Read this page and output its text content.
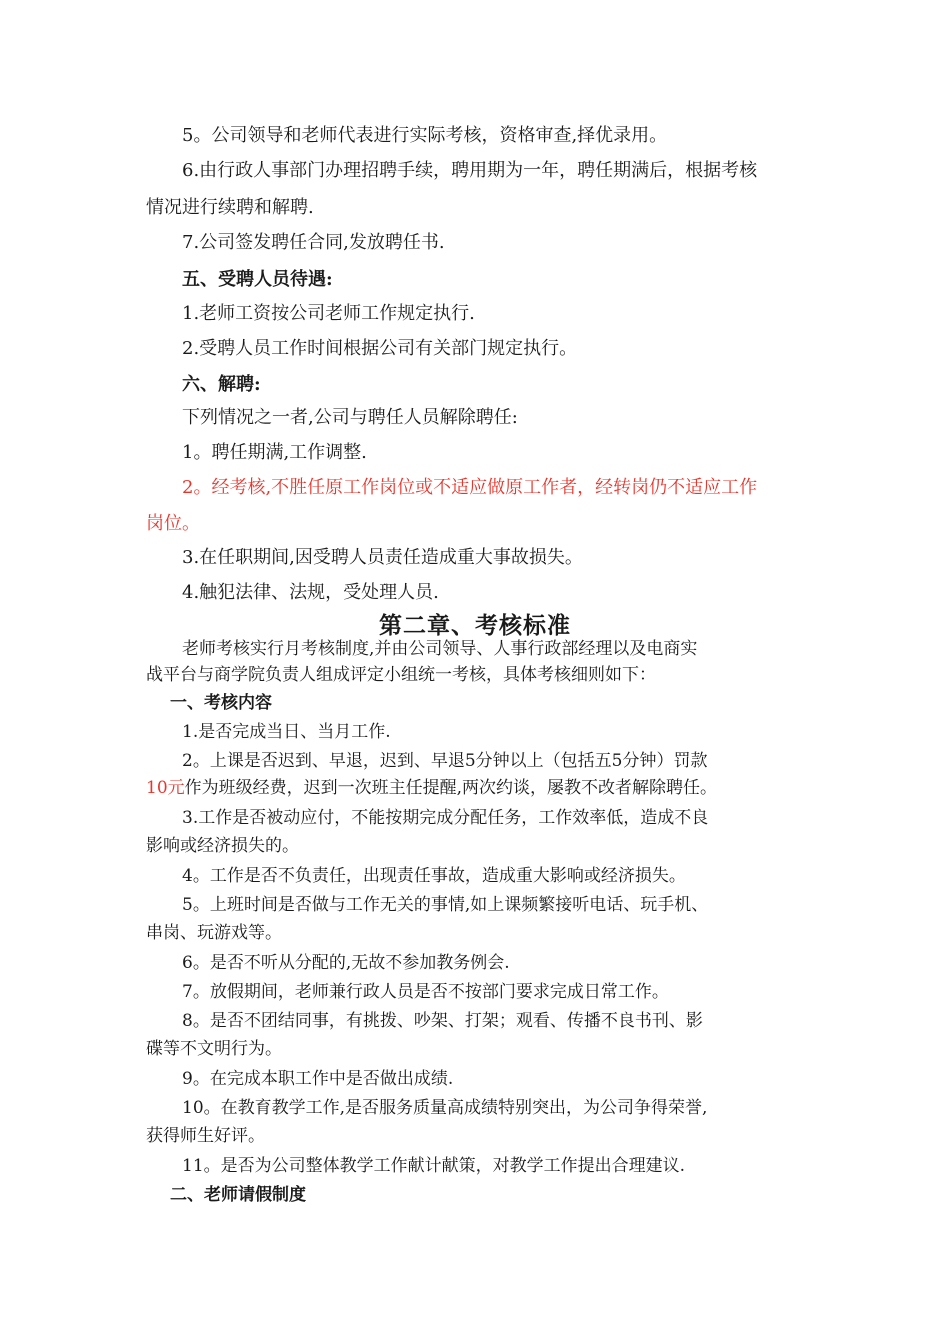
5。公司领导和老师代表进行实际考核，资格审查,择优录用。

6.由行政人事部门办理招聘手续，聘用期为一年，聘任期满后，根据考核

情况进行续聘和解聘.

7.公司签发聘任合同,发放聘任书.

五、受聘人员待遇:

1.老师工资按公司老师工作规定执行.

2.受聘人员工作时间根据公司有关部门规定执行。

六、解聘:

下列情况之一者,公司与聘任人员解除聘任:

1。聘任期满,工作调整.

2。经考核,不胜任原工作岗位或不适应做原工作者，经转岗仍不适应工作

岗位。

3.在任职期间,因受聘人员责任造成重大事故损失。

4.触犯法律、法规，受处理人员.

第二章、考核标准

老师考核实行月考核制度,并由公司领导、人事行政部经理以及电商实

战平台与商学院负责人组成评定小组统一考核，具体考核细则如下：

一、考核内容

1.是否完成当日、当月工作.

2。上课是否迟到、早退，迟到、早退5分钟以上（包括五5分钟）罚款

10元作为班级经费，迟到一次班主任提醒,两次约谈，屡教不改者解除聘任。

3.工作是否被动应付，不能按期完成分配任务，工作效率低，造成不良

影响或经济损失的。

4。工作是否不负责任，出现责任事故，造成重大影响或经济损失。

5。上班时间是否做与工作无关的事情,如上课频繁接听电话、玩手机、

串岗、玩游戏等。

6。是否不听从分配的,无故不参加教务例会.

7。放假期间，老师兼行政人员是否不按部门要求完成日常工作。

8。是否不团结同事，有挑拨、吵架、打架；观看、传播不良书刊、影

碟等不文明行为。

9。在完成本职工作中是否做出成绩.

10。在教育教学工作,是否服务质量高成绩特别突出，为公司争得荣誉,

获得师生好评。

11。是否为公司整体教学工作献计献策，对教学工作提出合理建议.

二、老师请假制度
